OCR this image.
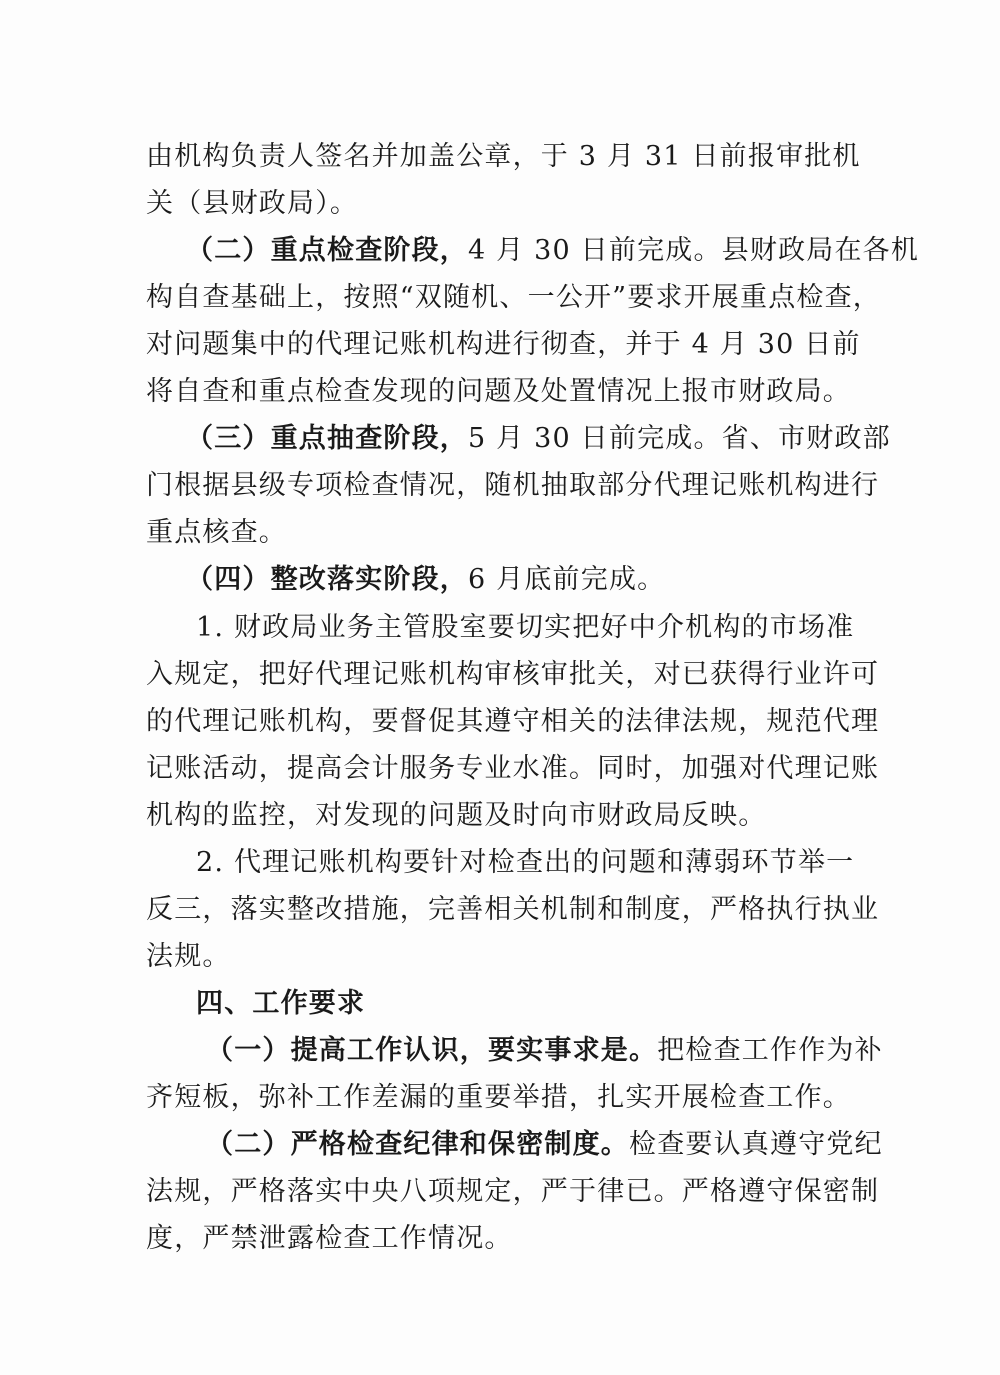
由机构负责人签名并加盖公章，于 3 月 31 日前报审批机
关（县财政局）。
（二）重点检查阶段，4 月 30 日前完成。县财政局在各机
构自查基础上，按照“双随机、一公开”要求开展重点检查，
对问题集中的代理记账机构进行彻查，并于 4 月 30 日前
将自查和重点检查发现的问题及处置情况上报市财政局。
（三）重点抽查阶段，5 月 30 日前完成。省、市财政部
门根据县级专项检查情况，随机抽取部分代理记账机构进行
重点核查。
（四）整改落实阶段，6 月底前完成。
1. 财政局业务主管股室要切实把好中介机构的市场准
入规定，把好代理记账机构审核审批关，对已获得行业许可
的代理记账机构，要督促其遵守相关的法律法规，规范代理
记账活动，提高会计服务专业水准。同时，加强对代理记账
机构的监控，对发现的问题及时向市财政局反映。
2. 代理记账机构要针对检查出的问题和薄弱环节举一
反三，落实整改措施，完善相关机制和制度，严格执行执业
法规。
四、工作要求
（一）提高工作认识，要实事求是。把检查工作作为补
齐短板，弥补工作差漏的重要举措，扎实开展检查工作。
（二）严格检查纪律和保密制度。检查要认真遵守党纪
法规，严格落实中央八项规定，严于律已。严格遵守保密制
度，严禁泄露检查工作情况。
